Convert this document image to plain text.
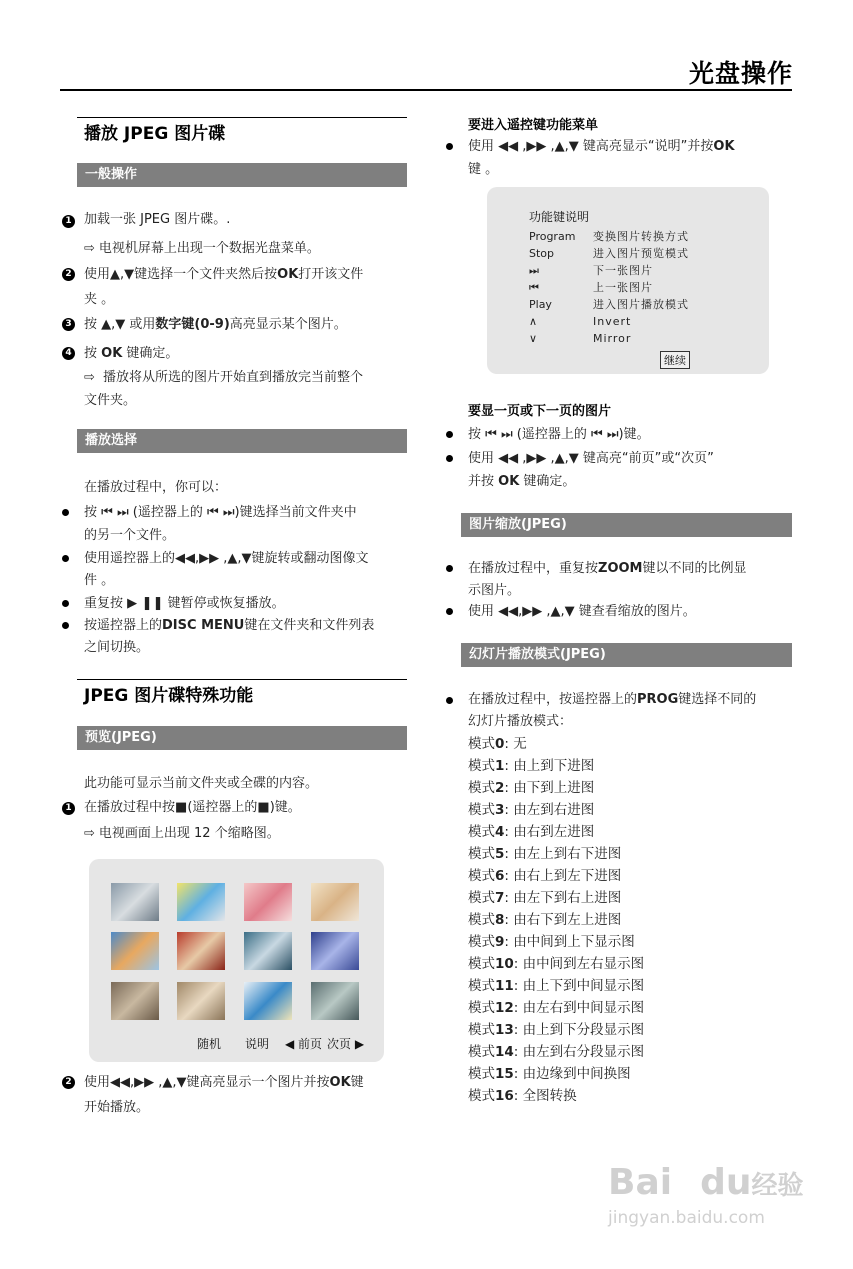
光盘操作
播放 JPEG 图片碟
一般操作
1 加载一张 JPEG 图片碟。.
⇨ 电视机屏幕上出现一个数据光盘菜单。
2 使用▲,▼键选择一个文件夹然后按OK打开该文件
夹 。
3 按 ▲,▼ 或用数字键(0-9)高亮显示某个图片。
4 按 OK 键确定。
⇨ 播放将从所选的图片开始直到播放完当前整个
文件夹。
播放选择
在播放过程中，你可以：
按 ⏮ ⏭ (遥控器上的 ⏮ ⏭)键选择当前文件夹中
的另一个文件。
使用遥控器上的◀◀,▶▶ ,▲,▼键旋转或翻动图像文
件 。
重复按 ▶ ❚❚ 键暂停或恢复播放。
按遥控器上的DISC MENU键在文件夹和文件列表
之间切换。
JPEG 图片碟特殊功能
预览(JPEG)
此功能可显示当前文件夹或全碟的内容。
1 在播放过程中按■(遥控器上的■)键。
⇨ 电视画面上出现 12 个缩略图。
随机 说明 ◀ 前页 次页 ▶
2 使用◀◀,▶▶ ,▲,▼键高亮显示一个图片并按OK键
开始播放。
要进入遥控键功能菜单
使用 ◀◀ ,▶▶ ,▲,▼ 键高亮显示“说明”并按OK
键 。
功能键说明
Program 变换图片转换方式
Stop	进入图片预览模式
⏭	下一张图片
⏮	上一张图片
Play	进入图片播放模式
∧	Invert
∨	Mirror
继续
要显一页或下一页的图片
按 ⏮ ⏭ (遥控器上的 ⏮ ⏭)键。
使用 ◀◀ ,▶▶ ,▲,▼ 键高亮“前页”或“次页”
并按 OK 键确定。
图片缩放(JPEG)
在播放过程中，重复按ZOOM键以不同的比例显
示图片。
使用 ◀◀,▶▶ ,▲,▼ 键查看缩放的图片。
幻灯片播放模式(JPEG)
在播放过程中，按遥控器上的PROG键选择不同的
幻灯片播放模式：
模式0: 无
模式1: 由上到下进图
模式2: 由下到上进图
模式3: 由左到右进图
模式4: 由右到左进图
模式5: 由左上到右下进图
模式6: 由右上到左下进图
模式7: 由左下到右上进图
模式8: 由右下到左上进图
模式9: 由中间到上下显示图
模式10: 由中间到左右显示图
模式11: 由上下到中间显示图
模式12: 由左右到中间显示图
模式13: 由上到下分段显示图
模式14: 由左到右分段显示图
模式15: 由边缘到中间换图
模式16: 全图转换
Bai du经验
jingyan.baidu.com
